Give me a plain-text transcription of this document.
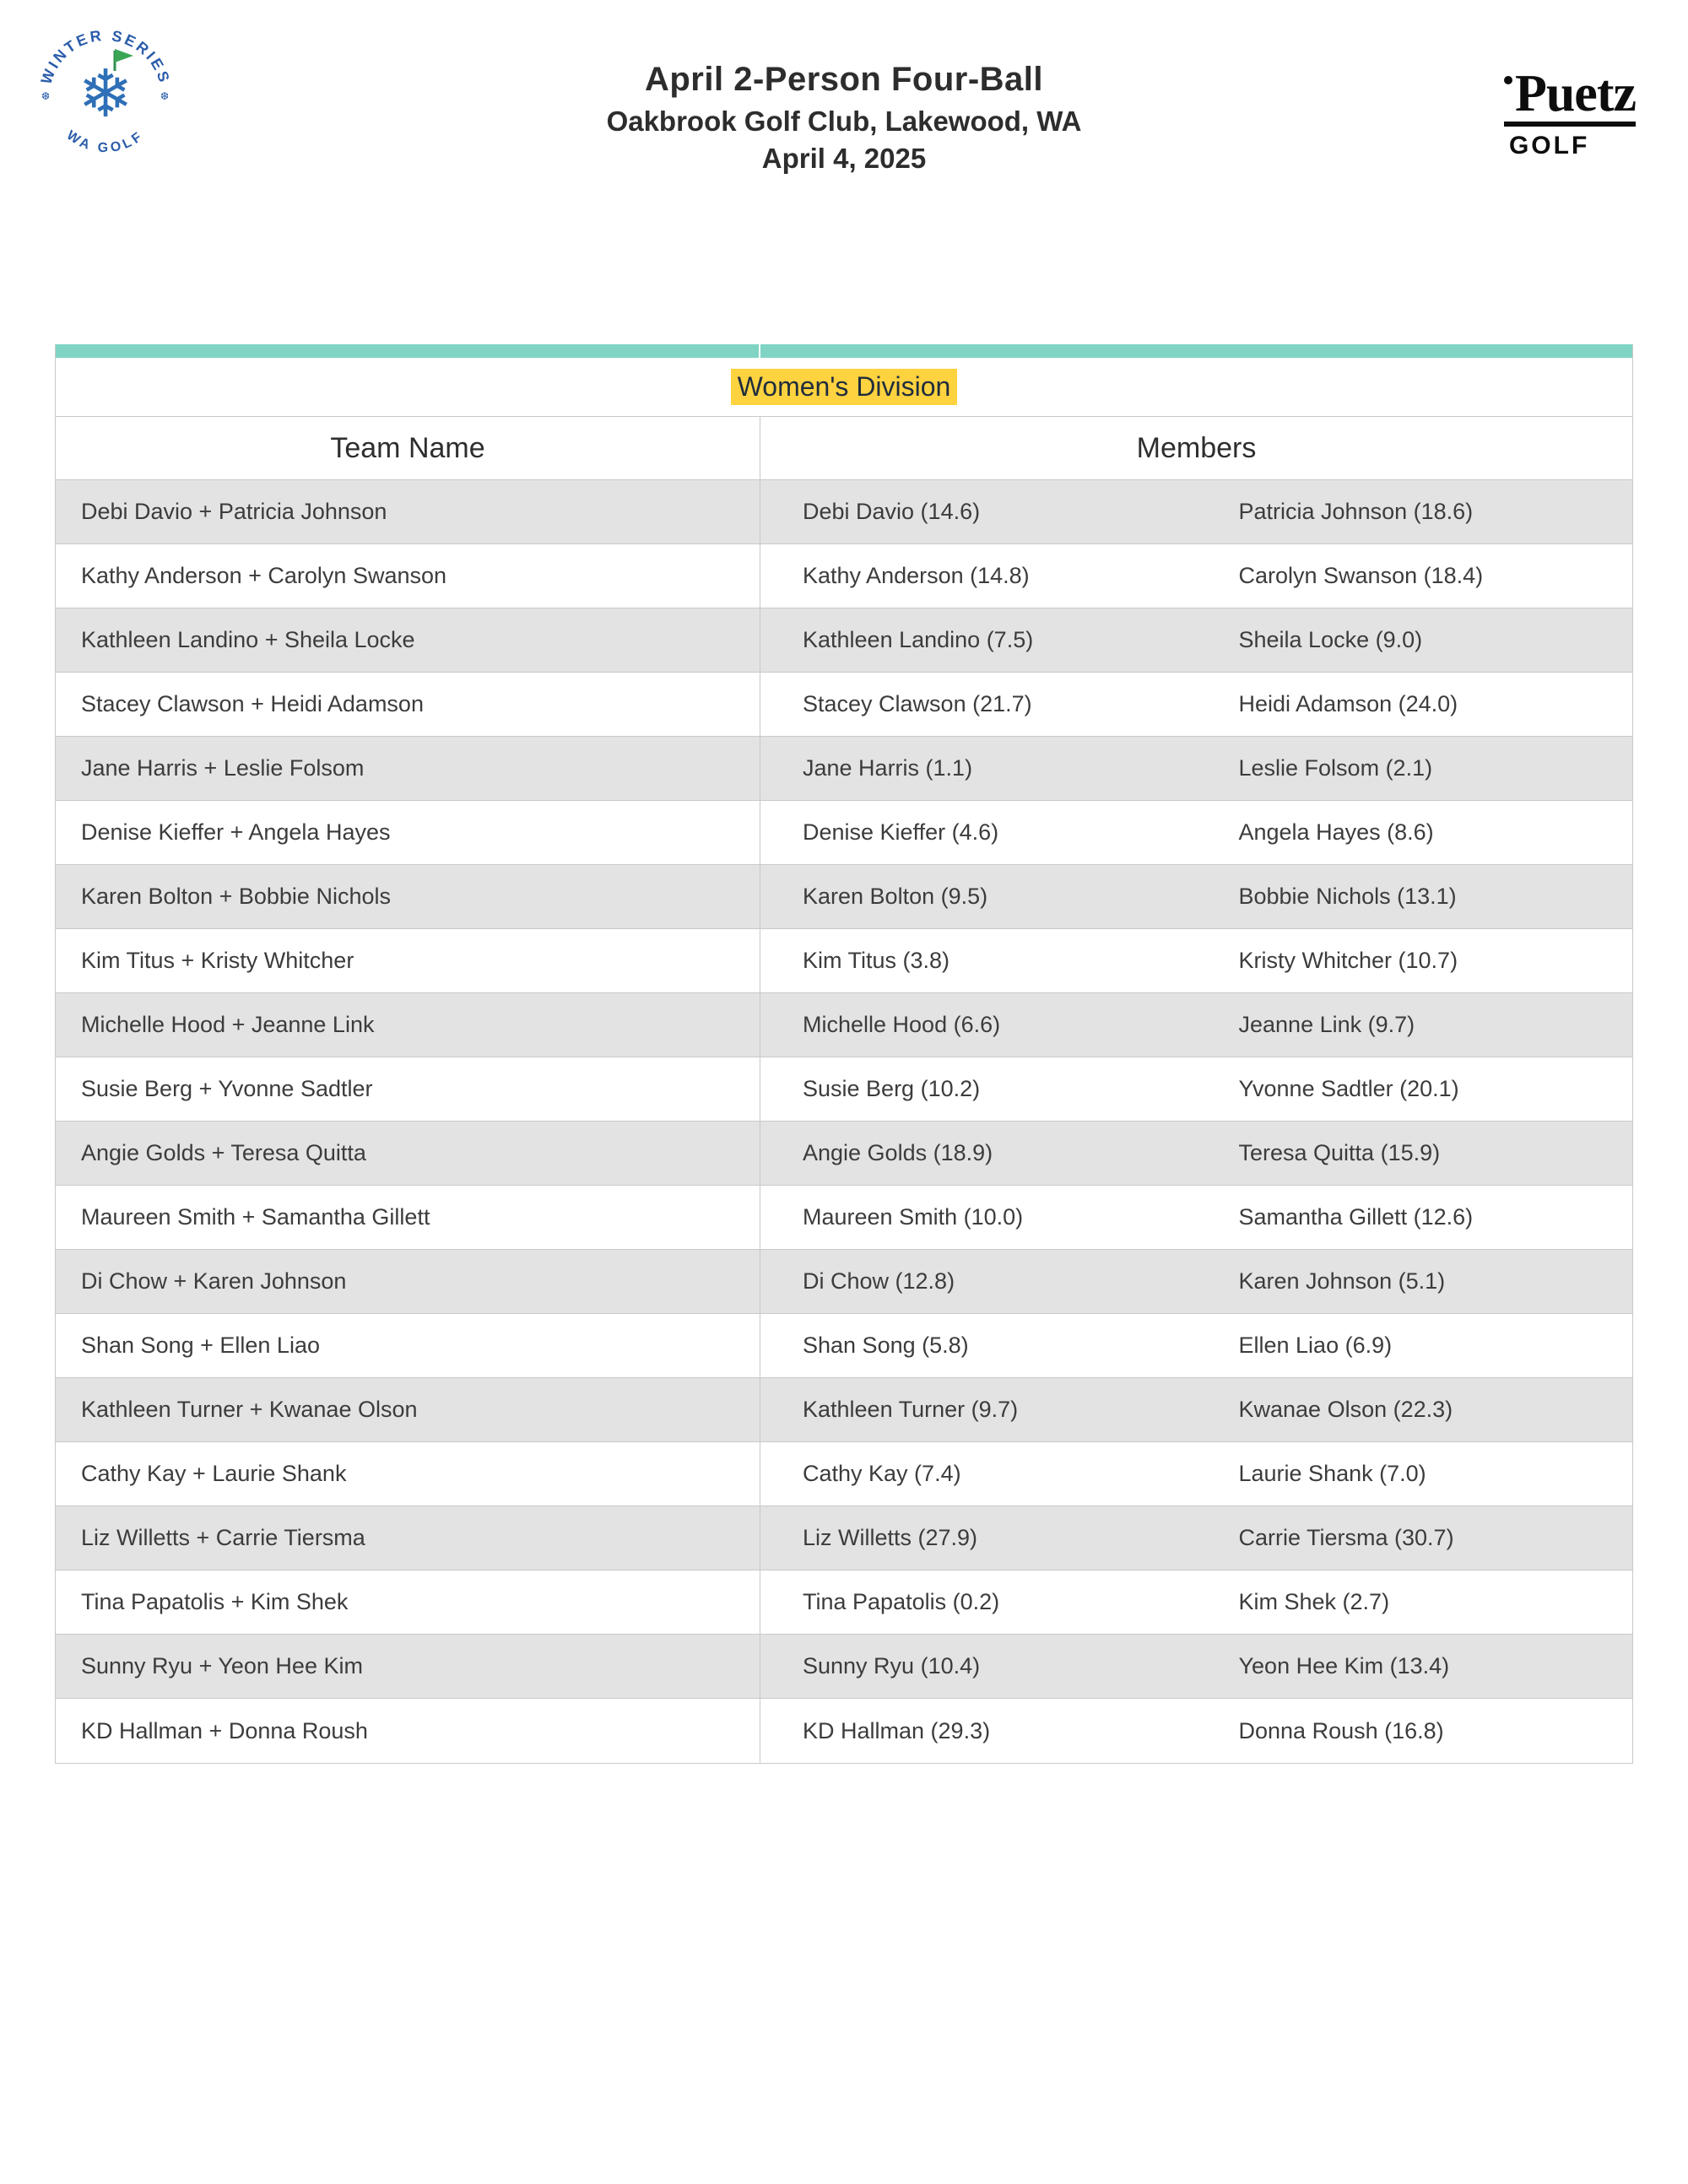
WINTER SERIES
WA GOLF
❆	❆
❄	April 2-Person Four-Ball
Oakbrook Golf Club, Lakewood, WA
April 4, 2025
Puetz
GOLF
Women's Division
Team Name	Members
Debi Davio + Patricia Johnson	Debi Davio (14.6)	Patricia Johnson (18.6)
Kathy Anderson + Carolyn Swanson	Kathy Anderson (14.8)	Carolyn Swanson (18.4)
Kathleen Landino + Sheila Locke	Kathleen Landino (7.5)	Sheila Locke (9.0)
Stacey Clawson + Heidi Adamson	Stacey Clawson (21.7)	Heidi Adamson (24.0)
Jane Harris + Leslie Folsom	Jane Harris (1.1)	Leslie Folsom (2.1)
Denise Kieffer + Angela Hayes	Denise Kieffer (4.6)	Angela Hayes (8.6)
Karen Bolton + Bobbie Nichols	Karen Bolton (9.5)	Bobbie Nichols (13.1)
Kim Titus + Kristy Whitcher	Kim Titus (3.8)	Kristy Whitcher (10.7)
Michelle Hood + Jeanne Link	Michelle Hood (6.6)	Jeanne Link (9.7)
Susie Berg + Yvonne Sadtler	Susie Berg (10.2)	Yvonne Sadtler (20.1)
Angie Golds + Teresa Quitta	Angie Golds (18.9)	Teresa Quitta (15.9)
Maureen Smith + Samantha Gillett	Maureen Smith (10.0)	Samantha Gillett (12.6)
Di Chow + Karen Johnson	Di Chow (12.8)	Karen Johnson (5.1)
Shan Song + Ellen Liao	Shan Song (5.8)	Ellen Liao (6.9)
Kathleen Turner + Kwanae Olson	Kathleen Turner (9.7)	Kwanae Olson (22.3)
Cathy Kay + Laurie Shank	Cathy Kay (7.4)	Laurie Shank (7.0)
Liz Willetts + Carrie Tiersma	Liz Willetts (27.9)	Carrie Tiersma (30.7)
Tina Papatolis + Kim Shek	Tina Papatolis (0.2)	Kim Shek (2.7)
Sunny Ryu + Yeon Hee Kim	Sunny Ryu (10.4)	Yeon Hee Kim (13.4)
KD Hallman + Donna Roush	KD Hallman (29.3)	Donna Roush (16.8)
